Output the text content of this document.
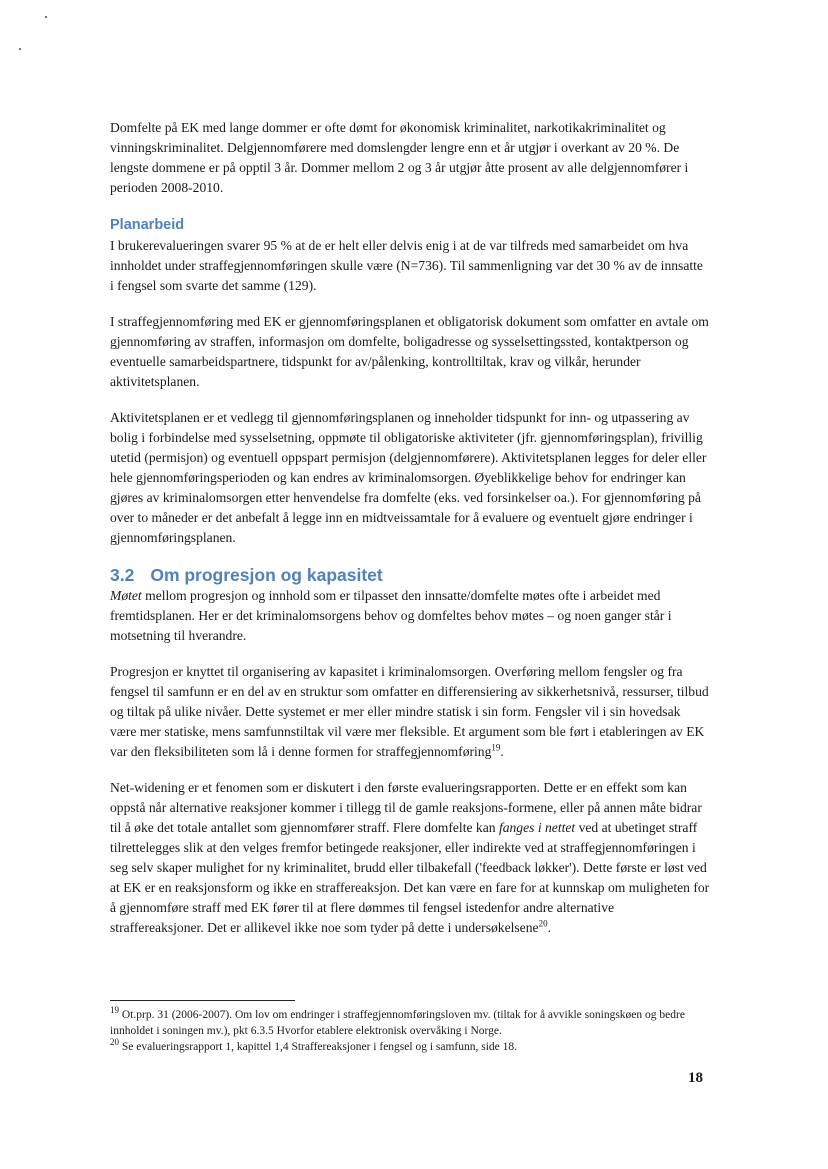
Domfelte på EK med lange dommer er ofte dømt for økonomisk kriminalitet, narkotikakriminalitet og vinningskriminalitet. Delgjennomførere med domslengder lengre enn et år utgjør i overkant av 20 %. De lengste dommene er på opptil 3 år. Dommer mellom 2 og 3 år utgjør åtte prosent av alle delgjennomfører i perioden 2008-2010.

Planarbeid

I brukerevalueringen svarer 95 % at de er helt eller delvis enig i at de var tilfreds med samarbeidet om hva innholdet under straffegjennomføringen skulle være (N=736). Til sammenligning var det 30 % av de innsatte i fengsel som svarte det samme (129).

I straffegjennomføring med EK er gjennomføringsplanen et obligatorisk dokument som omfatter en avtale om gjennomføring av straffen, informasjon om domfelte, boligadresse og sysselsettingssted, kontaktperson og eventuelle samarbeidspartnere, tidspunkt for av/pålenking, kontrolltiltak, krav og vilkår, herunder aktivitetsplanen.

Aktivitetsplanen er et vedlegg til gjennomføringsplanen og inneholder tidspunkt for inn- og utpassering av bolig i forbindelse med sysselsetning, oppmøte til obligatoriske aktiviteter (jfr. gjennomføringsplan), frivillig utetid (permisjon) og eventuell oppspart permisjon (delgjennomførere). Aktivitetsplanen legges for deler eller hele gjennomføringsperioden og kan endres av kriminalomsorgen. Øyeblikkelige behov for endringer kan gjøres av kriminalomsorgen etter henvendelse fra domfelte (eks. ved forsinkelser oa.). For gjennomføring på over to måneder er det anbefalt å legge inn en midtveissamtale for å evaluere og eventuelt gjøre endringer i gjennomføringsplanen.

3.2 Om progresjon og kapasitet

Møtet mellom progresjon og innhold som er tilpasset den innsatte/domfelte møtes ofte i arbeidet med fremtidsplanen. Her er det kriminalomsorgens behov og domfeltes behov møtes – og noen ganger står i motsetning til hverandre.

Progresjon er knyttet til organisering av kapasitet i kriminalomsorgen. Overføring mellom fengsler og fra fengsel til samfunn er en del av en struktur som omfatter en differensiering av sikkerhetsnivå, ressurser, tilbud og tiltak på ulike nivåer. Dette systemet er mer eller mindre statisk i sin form. Fengsler vil i sin hovedsak være mer statiske, mens samfunnstiltak vil være mer fleksible. Et argument som ble ført i etableringen av EK var den fleksibiliteten som lå i denne formen for straffegjennomføring$^{19}$.

Net-widening er et fenomen som er diskutert i den første evalueringsrapporten. Dette er en effekt som kan oppstå når alternative reaksjoner kommer i tillegg til de gamle reaksjons-formene, eller på annen måte bidrar til å øke det totale antallet som gjennomfører straff. Flere domfelte kan fanges i nettet ved at ubetinget straff tilrettelegges slik at den velges fremfor betingede reaksjoner, eller indirekte ved at straffegjennomføringen i seg selv skaper mulighet for ny kriminalitet, brudd eller tilbakefall ('feedback løkker'). Dette første er løst ved at EK er en reaksjonsform og ikke en straffereaksjon. Det kan være en fare for at kunnskap om muligheten for å gjennomføre straff med EK fører til at flere dømmes til fengsel istedenfor andre alternative straffereaksjoner. Det er allikevel ikke noe som tyder på dette i undersøkelsene$^{20}$.

$^{19}$ Ot.prp. 31 (2006-2007). Om lov om endringer i straffegjennomføringsloven mv. (tiltak for å avvikle soningskøen og bedre innholdet i soningen mv.), pkt 6.3.5 Hvorfor etablere elektronisk overvåking i Norge.
$^{20}$ Se evalueringsrapport 1, kapittel 1,4 Straffereaksjoner i fengsel og i samfunn, side 18.
18
